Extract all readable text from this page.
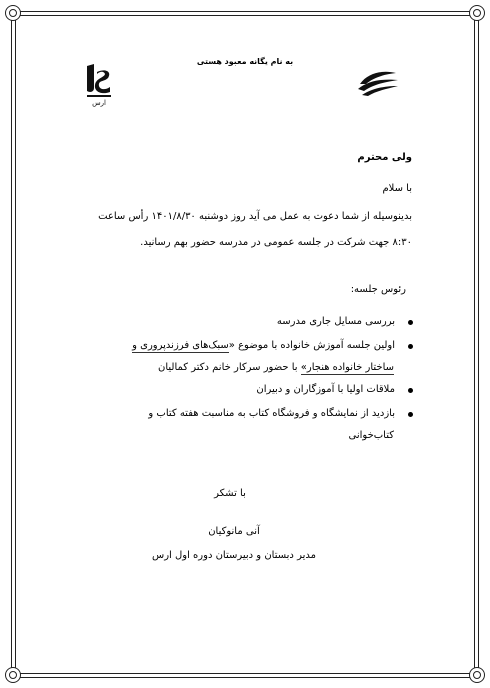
به نام یگانه معبود هستی
ارس
ولی محترم
با سلام
بدینوسیله از شما دعوت به عمل می آید روز دوشنبه ۱۴۰۱/۸/۳۰ رأس ساعت
۸:۳۰ جهت شرکت در جلسه عمومی در مدرسه حضور بهم رسانید.
رئوس جلسه:
بررسی مسایل جاری مدرسه
اولین جلسه آموزش خانواده با موضوع «سبک‌های فرزندپروری و
ساختار خانواده هنجار» با حضور سرکار خانم دکتر کمالیان
ملاقات اولیا با آموزگاران و دبیران
بازدید از نمایشگاه و فروشگاه کتاب به مناسبت هفته کتاب و
کتاب‌خوانی
با تشکر
آنی مانوکیان
مدیر دبستان و دبیرستان دوره اول ارس
